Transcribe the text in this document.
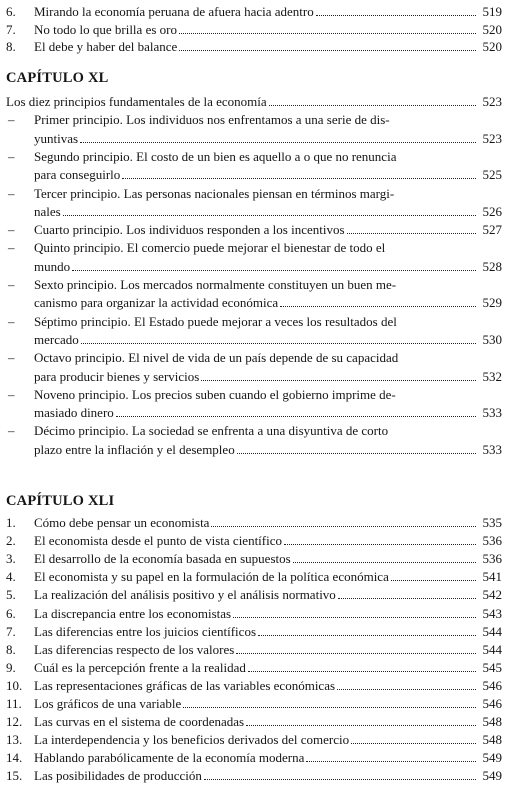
6. Mirando la economía peruana de afuera hacia adentro	519
7. No todo lo que brilla es oro	520
8. El debe y haber del balance	520
CAPÍTULO XL
Los diez principios fundamentales de la economía	523
– Primer principio. Los individuos nos enfrentamos a una serie de dis-
yuntivas	523
– Segundo principio. El costo de un bien es aquello a o que no renuncia
para conseguirlo	525
– Tercer principio. Las personas nacionales piensan en términos margi-
nales	526
– Cuarto principio. Los individuos responden a los incentivos	527
– Quinto principio. El comercio puede mejorar el bienestar de todo el
mundo	528
– Sexto principio. Los mercados normalmente constituyen un buen me-
canismo para organizar la actividad económica	529
– Séptimo principio. El Estado puede mejorar a veces los resultados del
mercado	530
– Octavo principio. El nivel de vida de un país depende de su capacidad
para producir bienes y servicios	532
– Noveno principio. Los precios suben cuando el gobierno imprime de-
masiado dinero	533
– Décimo principio. La sociedad se enfrenta a una disyuntiva de corto
plazo entre la inflación y el desempleo	533
CAPÍTULO XLI
1. Cómo debe pensar un economista	535
2. El economista desde el punto de vista científico	536
3. El desarrollo de la economía basada en supuestos	536
4. El economista y su papel en la formulación de la política económica	541
5. La realización del análisis positivo y el análisis normativo	542
6. La discrepancia entre los economistas	543
7. Las diferencias entre los juicios científicos	544
8. Las diferencias respecto de los valores	544
9. Cuál es la percepción frente a la realidad	545
10. Las representaciones gráficas de las variables económicas	546
11. Los gráficos de una variable	546
12. Las curvas en el sistema de coordenadas	548
13. La interdependencia y los beneficios derivados del comercio	548
14. Hablando parabólicamente de la economía moderna	549
15. Las posibilidades de producción	549
